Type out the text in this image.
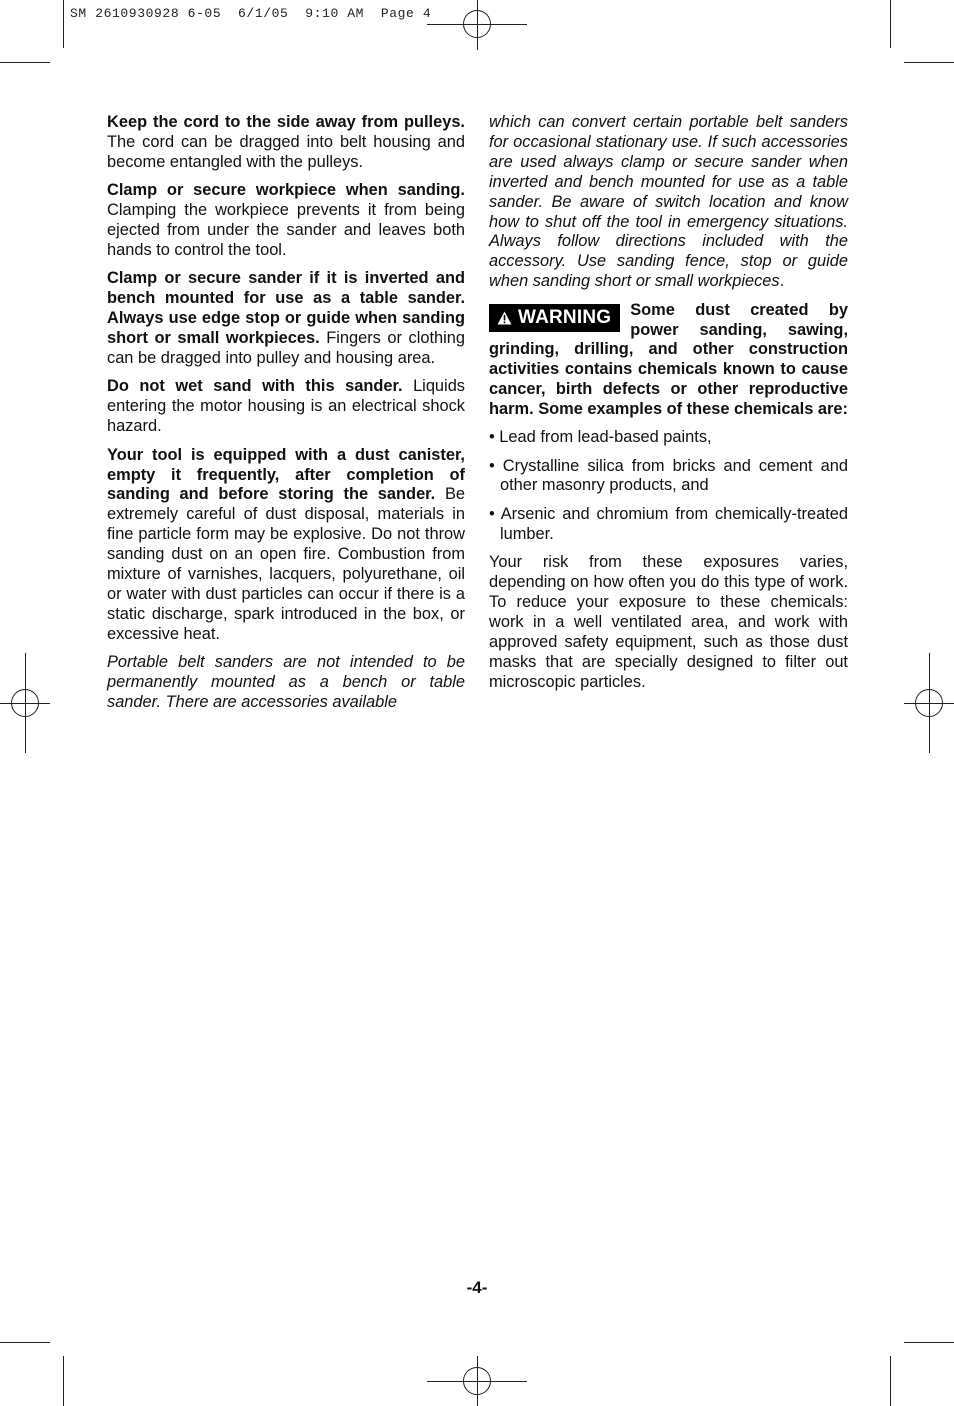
SM 2610930928 6-05  6/1/05  9:10 AM  Page 4

Keep the cord to the side away from pulleys. The cord can be dragged into belt housing and become entangled with the pulleys.

Clamp or secure workpiece when sanding. Clamping the workpiece prevents it from being ejected from under the sander and leaves both hands to control the tool.

Clamp or secure sander if it is inverted and bench mounted for use as a table sander. Always use edge stop or guide when sanding short or small workpieces. Fingers or clothing can be dragged into pulley and housing area.

Do not wet sand with this sander. Liquids entering the motor housing is an electrical shock hazard.

Your tool is equipped with a dust canister, empty it frequently, after completion of sanding and before storing the sander. Be extremely careful of dust disposal, materials in fine particle form may be explosive. Do not throw sanding dust on an open fire. Combustion from mixture of varnishes, lacquers, polyurethane, oil or water with dust particles can occur if there is a static discharge, spark introduced in the box, or excessive heat.

Portable belt sanders are not intended to be permanently mounted as a bench or table sander. There are accessories available

which can convert certain portable belt sanders for occasional stationary use. If such accessories are used always clamp or secure sander when inverted and bench mounted for use as a table sander. Be aware of switch location and know how to shut off the tool in emergency situations. Always follow directions included with the accessory. Use sanding fence, stop or guide when sanding short or small workpieces.

WARNING Some dust created by power sanding, sawing, grinding, drilling, and other construction activities contains chemicals known to cause cancer, birth defects or other reproductive harm. Some examples of these chemicals are:

• Lead from lead-based paints,

• Crystalline silica from bricks and cement and other masonry products, and

• Arsenic and chromium from chemically-treated lumber.

Your risk from these exposures varies, depending on how often you do this type of work. To reduce your exposure to these chemicals: work in a well ventilated area, and work with approved safety equipment, such as those dust masks that are specially designed to filter out microscopic particles.

-4-
